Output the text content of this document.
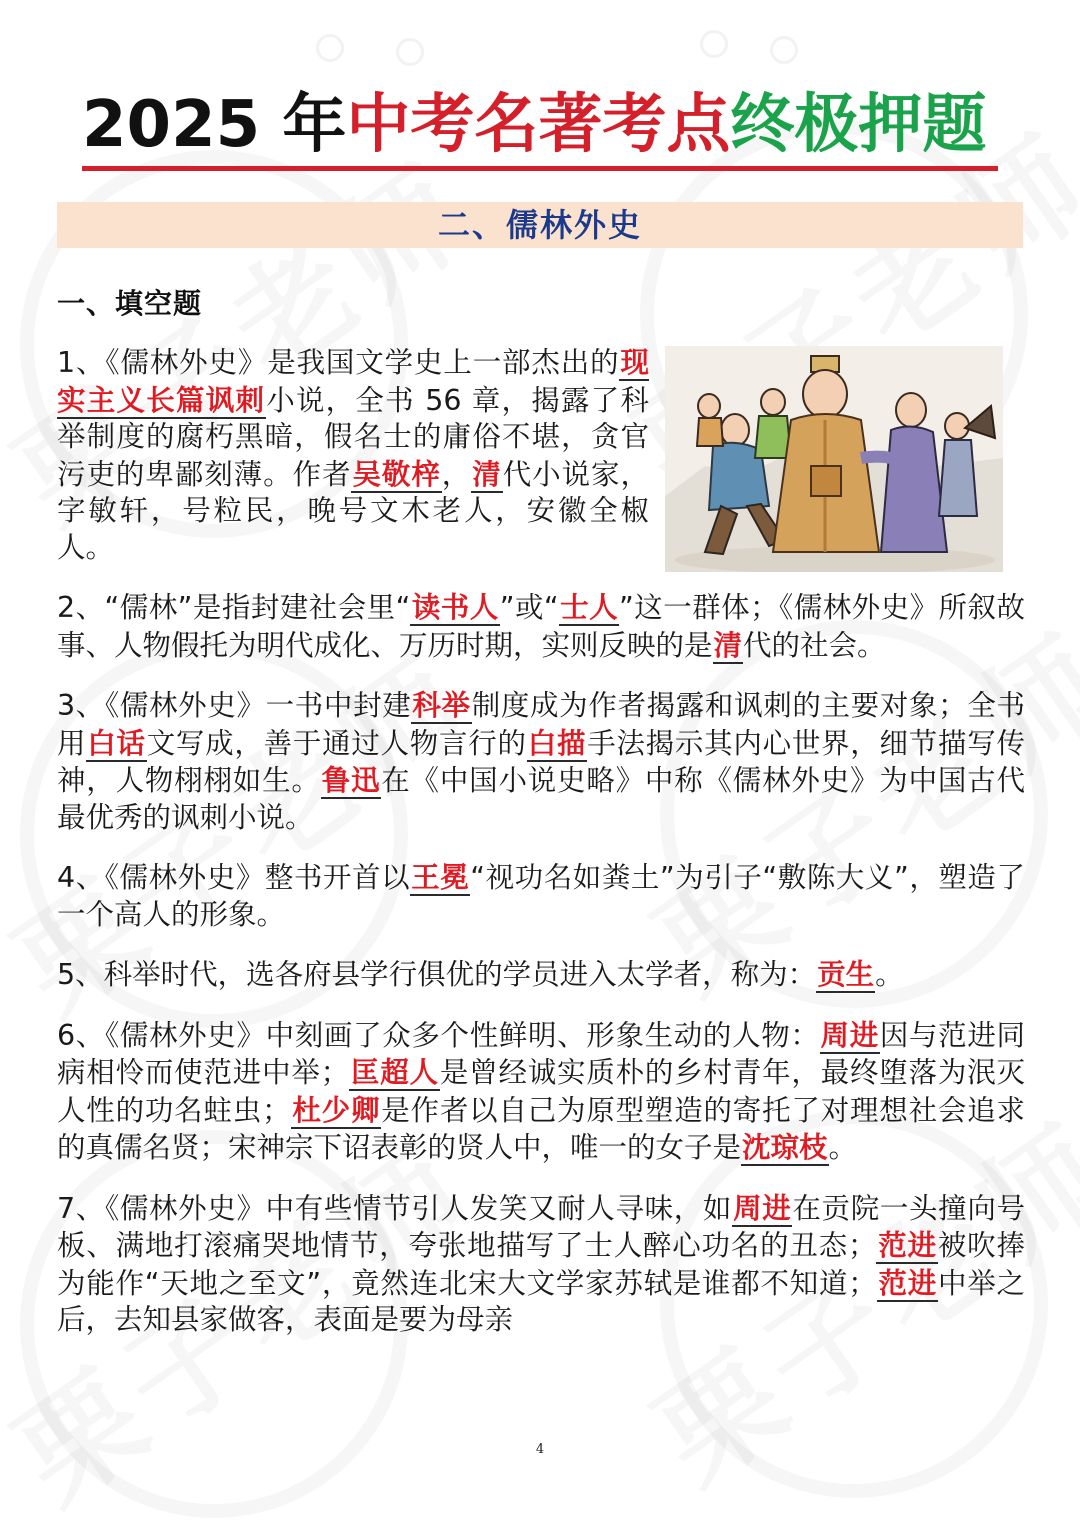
2025 年中考名著考点终极押题
二、儒林外史
一、填空题

1、《儒林外史》是我国文学史上一部杰出的现实主义长篇讽刺小说，全书 56 章，揭露了科举制度的腐朽黑暗，假名士的庸俗不堪，贪官污吏的卑鄙刻薄。作者吴敬梓，清代小说家，字敏轩，号粒民，晚号文木老人，安徽全椒人。

2、“儒林”是指封建社会里“读书人”或“士人”这一群体；《儒林外史》所叙故事、人物假托为明代成化、万历时期，实则反映的是清代的社会。

3、《儒林外史》一书中封建科举制度成为作者揭露和讽刺的主要对象；全书用白话文写成，善于通过人物言行的白描手法揭示其内心世界，细节描写传神，人物栩栩如生。鲁迅在《中国小说史略》中称《儒林外史》为中国古代最优秀的讽刺小说。

4、《儒林外史》整书开首以王冕“视功名如粪土”为引子“敷陈大义”，塑造了一个高人的形象。

5、科举时代，选各府县学行俱优的学员进入太学者，称为：贡生。

6、《儒林外史》中刻画了众多个性鲜明、形象生动的人物：周进因与范进同病相怜而使范进中举；匡超人是曾经诚实质朴的乡村青年，最终堕落为泯灭人性的功名蛀虫；杜少卿是作者以自己为原型塑造的寄托了对理想社会追求的真儒名贤；宋神宗下诏表彰的贤人中，唯一的女子是沈琼枝。

7、《儒林外史》中有些情节引人发笑又耐人寻味，如周进在贡院一头撞向号板、满地打滚痛哭地情节，夸张地描写了士人醉心功名的丑态；范进被吹捧为能作“天地之至文”，竟然连北宋大文学家苏轼是谁都不知道；范进中举之后，去知县家做客，表面是要为母亲

4
